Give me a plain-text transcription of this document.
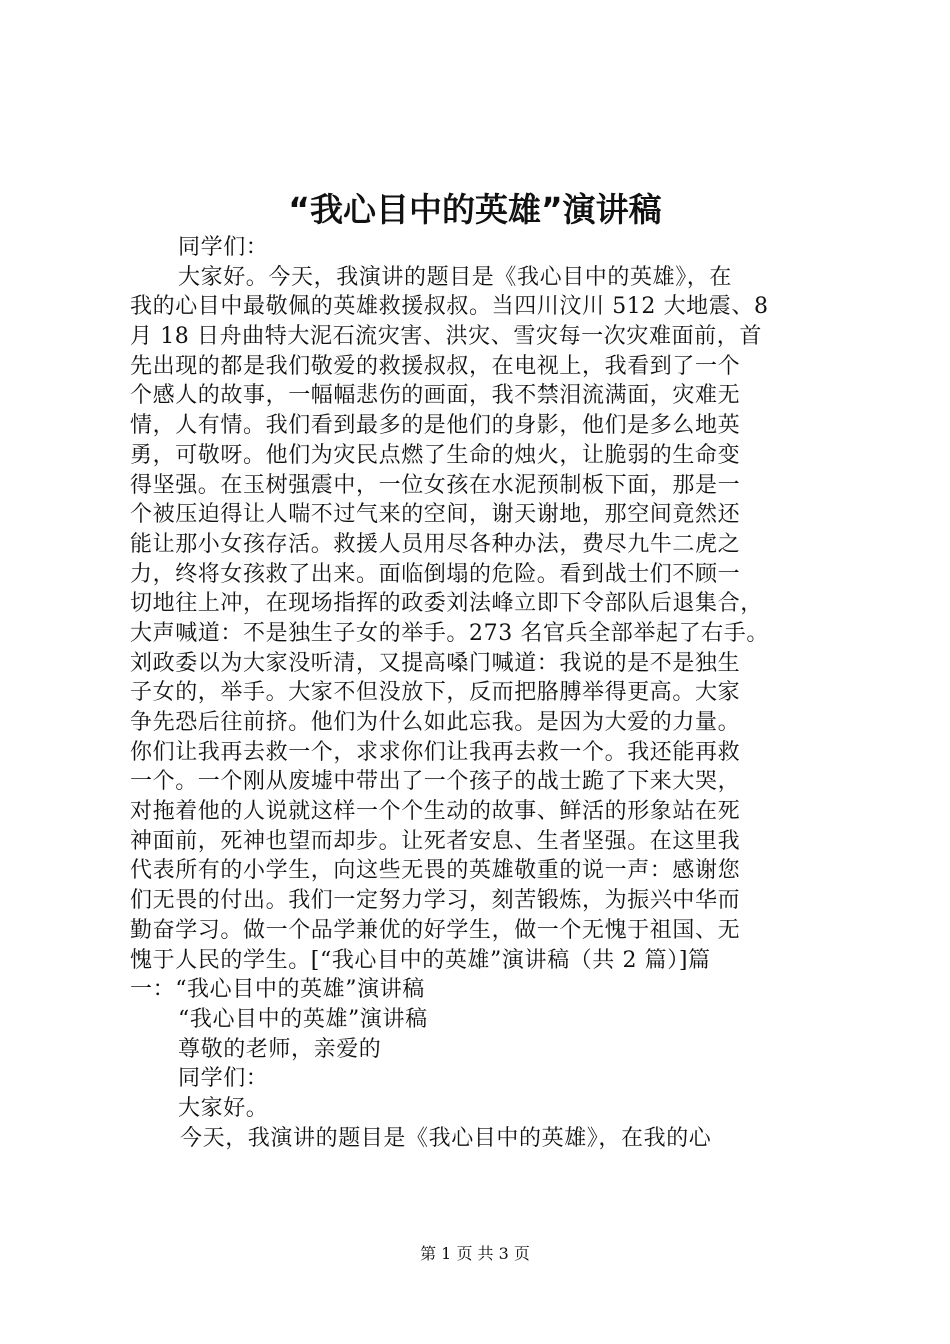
“我心目中的英雄”演讲稿
同学们：
大家好。今天，我演讲的题目是《我心目中的英雄》，在
我的心目中最敬佩的英雄救援叔叔。当四川汶川 512 大地震、8
月 18 日舟曲特大泥石流灾害、洪灾、雪灾每一次灾难面前，首
先出现的都是我们敬爱的救援叔叔，在电视上，我看到了一个
个感人的故事，一幅幅悲伤的画面，我不禁泪流满面，灾难无
情，人有情。我们看到最多的是他们的身影，他们是多么地英
勇，可敬呀。他们为灾民点燃了生命的烛火，让脆弱的生命变
得坚强。在玉树强震中，一位女孩在水泥预制板下面，那是一
个被压迫得让人喘不过气来的空间，谢天谢地，那空间竟然还
能让那小女孩存活。救援人员用尽各种办法，费尽九牛二虎之
力，终将女孩救了出来。面临倒塌的危险。看到战士们不顾一
切地往上冲，在现场指挥的政委刘法峰立即下令部队后退集合，
大声喊道：不是独生子女的举手。273 名官兵全部举起了右手。
刘政委以为大家没听清，又提高嗓门喊道：我说的是不是独生
子女的，举手。大家不但没放下，反而把胳膊举得更高。大家
争先恐后往前挤。他们为什么如此忘我。是因为大爱的力量。
你们让我再去救一个，求求你们让我再去救一个。我还能再救
一个。一个刚从废墟中带出了一个孩子的战士跪了下来大哭，
对拖着他的人说就这样一个个生动的故事、鲜活的形象站在死
神面前，死神也望而却步。让死者安息、生者坚强。在这里我
代表所有的小学生，向这些无畏的英雄敬重的说一声：感谢您
们无畏的付出。我们一定努力学习，刻苦锻炼，为振兴中华而
勤奋学习。做一个品学兼优的好学生，做一个无愧于祖国、无
愧于人民的学生。[“我心目中的英雄”演讲稿（共 2 篇）]篇
一：“我心目中的英雄”演讲稿
“我心目中的英雄”演讲稿
尊敬的老师，亲爱的
同学们：
大家好。
今天，我演讲的题目是《我心目中的英雄》，在我的心
第 1 页 共 3 页
